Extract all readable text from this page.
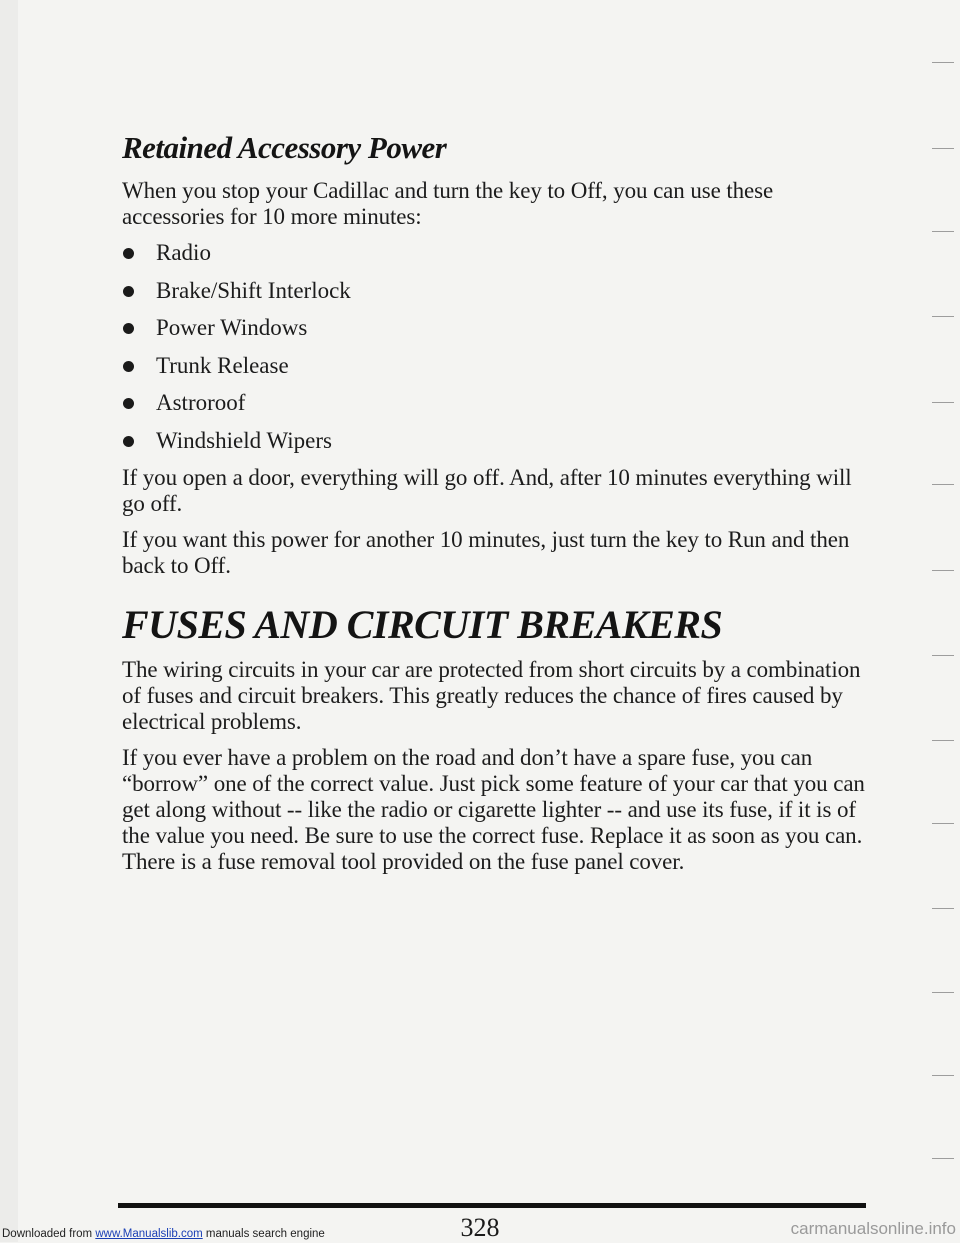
Retained Accessory Power

When you stop your Cadillac and turn the key to Off, you can use these accessories for 10 more minutes:

Radio
Brake/Shift Interlock
Power Windows
Trunk Release
Astroroof
Windshield Wipers

If you open a door, everything will go off. And, after 10 minutes everything will go off.

If you want this power for another 10 minutes, just turn the key to Run and then back to Off.

FUSES AND CIRCUIT BREAKERS

The wiring circuits in your car are protected from short circuits by a combination of fuses and circuit breakers. This greatly reduces the chance of fires caused by electrical problems.

If you ever have a problem on the road and don’t have a spare fuse, you can “borrow” one of the correct value. Just pick some feature of your car that you can get along without -- like the radio or cigarette lighter -- and use its fuse, if it is of the value you need. Be sure to use the correct fuse. Replace it as soon as you can. There is a fuse removal tool provided on the fuse panel cover.

328
Downloaded from www.Manualslib.com manuals search engine	carmanualsonline.info
